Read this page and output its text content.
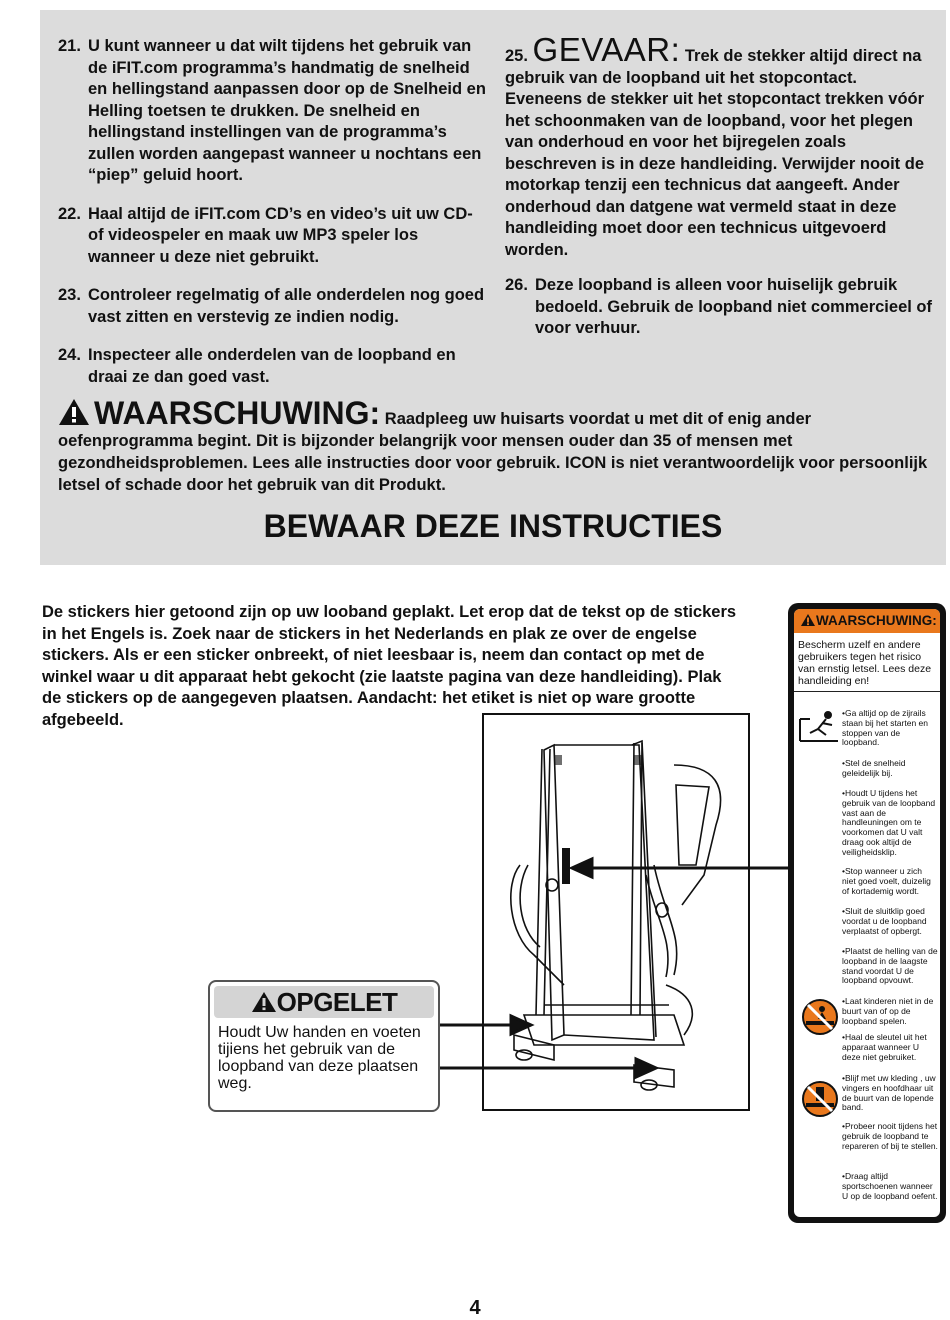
21. U kunt wanneer u dat wilt tijdens het gebruik van de iFIT.com programma’s handmatig de snelheid en hellingstand aanpassen door op de Snelheid en Helling toetsen te drukken. De snelheid en hellingstand instellingen van de programma’s zullen worden aangepast wanneer u nochtans een “piep” geluid hoort.
22. Haal altijd de iFIT.com CD’s en video’s uit uw CD- of videospeler en maak uw MP3 speler los wanneer u deze niet gebruikt.
23. Controleer regelmatig of alle onderdelen nog goed vast zitten en verstevig ze indien nodig.
24. Inspecteer alle onderdelen van de loopband en draai ze dan goed vast.
25. GEVAAR: Trek de stekker altijd direct na gebruik van de loopband uit het stopcontact. Eveneens de stekker uit het stopcontact trekken vóór het schoonmaken van de loopband, voor het plegen van onderhoud en voor het bijregelen zoals beschreven is in deze handleiding. Verwijder nooit de motorkap tenzij een technicus dat aangeeft. Ander onderhoud dan datgene wat vermeld staat in deze handleiding moet door een technicus uitgevoerd worden.
26. Deze loopband is alleen voor huiselijk gebruik bedoeld. Gebruik de loopband niet commercieel of voor verhuur.
WAARSCHUWING: Raadpleeg uw huisarts voordat u met dit of enig ander oefenprogramma begint. Dit is bijzonder belangrijk voor mensen ouder dan 35 of mensen met gezondheidsproblemen. Lees alle instructies door voor gebruik. ICON is niet verantwoordelijk voor persoonlijk letsel of schade door het gebruik van dit Produkt.
BEWAAR DEZE INSTRUCTIES
De stickers hier getoond zijn op uw looband geplakt. Let erop dat de tekst op de stickers in het Engels is. Zoek naar de stickers in het Nederlands en plak ze over de engelse stickers. Als er een sticker onbreekt, of niet leesbaar is, neem dan contact op met de winkel waar u dit apparaat hebt gekocht (zie laatste pagina van deze handleiding). Plak de stickers op de aangegeven plaatsen. Aandacht: het etiket is niet op ware grootte afgebeeld.
OPGELET
Houdt Uw handen en voeten tijiens het gebruik van de loopband van deze plaatsen weg.
WAARSCHUWING:
Bescherm uzelf en andere gebruikers tegen het risico van ernstig letsel. Lees deze handleiding en!
•Ga altijd op de zijrails staan bij het starten en stoppen van de loopband.
•Stel de snelheid geleidelijk bij.
•Houdt U tijdens het gebruik van de loopband vast aan de handleuningen om te voorkomen dat U valt draag ook altijd de veiligheidsklip.
•Stop wanneer u zich niet goed voelt, duizelig of kortademig wordt.
•Sluit de sluitklip goed voordat u de loopband verplaatst of opbergt.
•Plaatst de helling van de loopband in de laagste stand voordat U de loopband opvouwt.
•Laat kinderen niet in de buurt van of op de loopband spelen.
•Haal de sleutel uit het apparaat wanneer U deze niet gebruiket.
•Blijf met uw kleding , uw vingers en hoofdhaar uit de buurt van de lopende band.
•Probeer nooit tijdens het gebruik de loopband te repareren of bij te stellen.
•Draag altijd sportschoenen wanneer U op de loopband oefent.
4
